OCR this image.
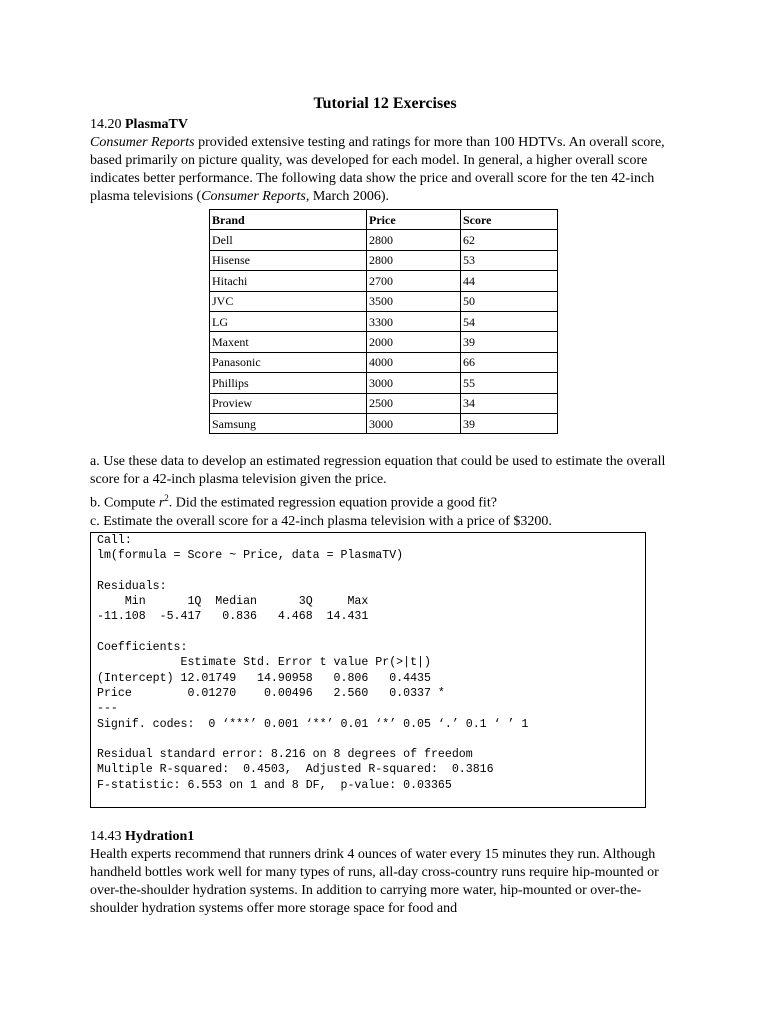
Tutorial 12 Exercises
14.20 PlasmaTV

Consumer Reports provided extensive testing and ratings for more than 100 HDTVs. An overall score, based primarily on picture quality, was developed for each model. In general, a higher overall score indicates better performance. The following data show the price and overall score for the ten 42-inch plasma televisions (Consumer Reports, March 2006).

Brand	Price	Score
Dell	2800	62
Hisense	2800	53
Hitachi	2700	44
JVC	3500	50
LG	3300	54
Maxent	2000	39
Panasonic	4000	66
Phillips	3000	55
Proview	2500	34
Samsung	3000	39

a. Use these data to develop an estimated regression equation that could be used to estimate the overall score for a 42-inch plasma television given the price.

b. Compute $r^2$. Did the estimated regression equation provide a good fit?

c. Estimate the overall score for a 42-inch plasma television with a price of $3200.

Call:
lm(formula = Score ~ Price, data = PlasmaTV)
Residuals:
Min      1Q  Median      3Q     Max
-11.108  -5.417   0.836   4.468  14.431
Coefficients:
Estimate Std. Error t value Pr(>|t|)
(Intercept) 12.01749   14.90958   0.806   0.4435
Price        0.01270    0.00496   2.560   0.0337 *
---
Signif. codes:  0 ‘***’ 0.001 ‘**’ 0.01 ‘*’ 0.05 ‘.’ 0.1 ‘ ’ 1
Residual standard error: 8.216 on 8 degrees of freedom
Multiple R-squared:  0.4503,  Adjusted R-squared:  0.3816
F-statistic: 6.553 on 1 and 8 DF,  p-value: 0.03365
14.43 Hydration1

Health experts recommend that runners drink 4 ounces of water every 15 minutes they run. Although handheld bottles work well for many types of runs, all-day cross-country runs require hip-mounted or over-the-shoulder hydration systems. In addition to carrying more water, hip-mounted or over-the-shoulder hydration systems offer more storage space for food and
